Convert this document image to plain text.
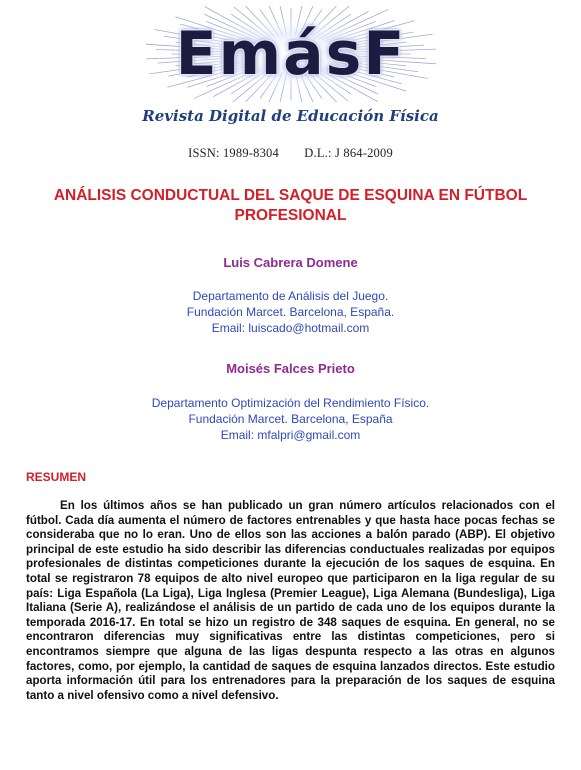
EmásF
Revista Digital de Educación Física
ISSN: 1989-8304 D.L.: J 864-2009
ANÁLISIS CONDUCTUAL DEL SAQUE DE ESQUINA EN FÚTBOL PROFESIONAL
Luis Cabrera Domene
Departamento de Análisis del Juego.
Fundación Marcet. Barcelona, España.
Email: luiscado@hotmail.com
Moisés Falces Prieto
Departamento Optimización del Rendimiento Físico.
Fundación Marcet. Barcelona, España
Email: mfalpri@gmail.com
RESUMEN

En los últimos años se han publicado un gran número artículos relacionados con el fútbol. Cada día aumenta el número de factores entrenables y que hasta hace pocas fechas se consideraba que no lo eran. Uno de ellos son las acciones a balón parado (ABP). El objetivo principal de este estudio ha sido describir las diferencias conductuales realizadas por equipos profesionales de distintas competiciones durante la ejecución de los saques de esquina. En total se registraron 78 equipos de alto nivel europeo que participaron en la liga regular de su país: Liga Española (La Liga), Liga Inglesa (Premier League), Liga Alemana (Bundesliga), Liga Italiana (Serie A), realizándose el análisis de un partido de cada uno de los equipos durante la temporada 2016-17. En total se hizo un registro de 348 saques de esquina. En general, no se encontraron diferencias muy significativas entre las distintas competiciones, pero si encontramos siempre que alguna de las ligas despunta respecto a las otras en algunos factores, como, por ejemplo, la cantidad de saques de esquina lanzados directos. Este estudio aporta información útil para los entrenadores para la preparación de los saques de esquina tanto a nivel ofensivo como a nivel defensivo.
